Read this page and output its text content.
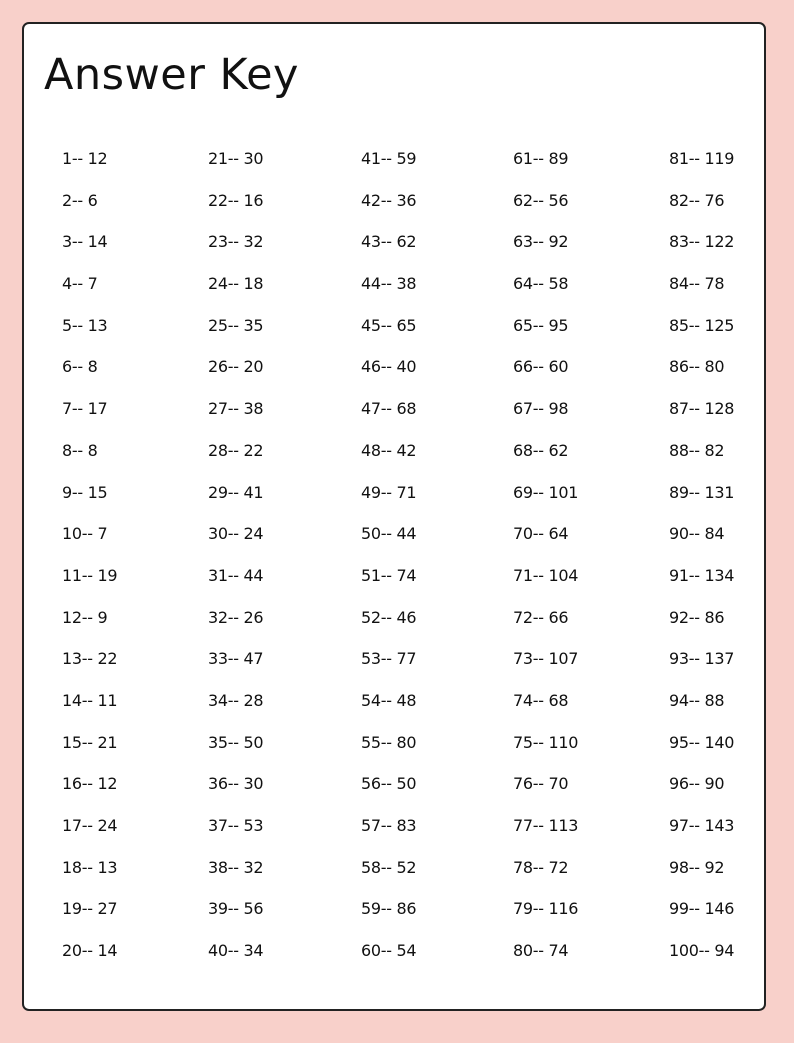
Answer Key
1-- 12
2-- 6
3-- 14
4-- 7
5-- 13
6-- 8
7-- 17
8-- 8
9-- 15
10-- 7
11-- 19
12-- 9
13-- 22
14-- 11
15-- 21
16-- 12
17-- 24
18-- 13
19-- 27
20-- 14
21-- 30
22-- 16
23-- 32
24-- 18
25-- 35
26-- 20
27-- 38
28-- 22
29-- 41
30-- 24
31-- 44
32-- 26
33-- 47
34-- 28
35-- 50
36-- 30
37-- 53
38-- 32
39-- 56
40-- 34
41-- 59
42-- 36
43-- 62
44-- 38
45-- 65
46-- 40
47-- 68
48-- 42
49-- 71
50-- 44
51-- 74
52-- 46
53-- 77
54-- 48
55-- 80
56-- 50
57-- 83
58-- 52
59-- 86
60-- 54
61-- 89
62-- 56
63-- 92
64-- 58
65-- 95
66-- 60
67-- 98
68-- 62
69-- 101
70-- 64
71-- 104
72-- 66
73-- 107
74-- 68
75-- 110
76-- 70
77-- 113
78-- 72
79-- 116
80-- 74
81-- 119
82-- 76
83-- 122
84-- 78
85-- 125
86-- 80
87-- 128
88-- 82
89-- 131
90-- 84
91-- 134
92-- 86
93-- 137
94-- 88
95-- 140
96-- 90
97-- 143
98-- 92
99-- 146
100-- 94
